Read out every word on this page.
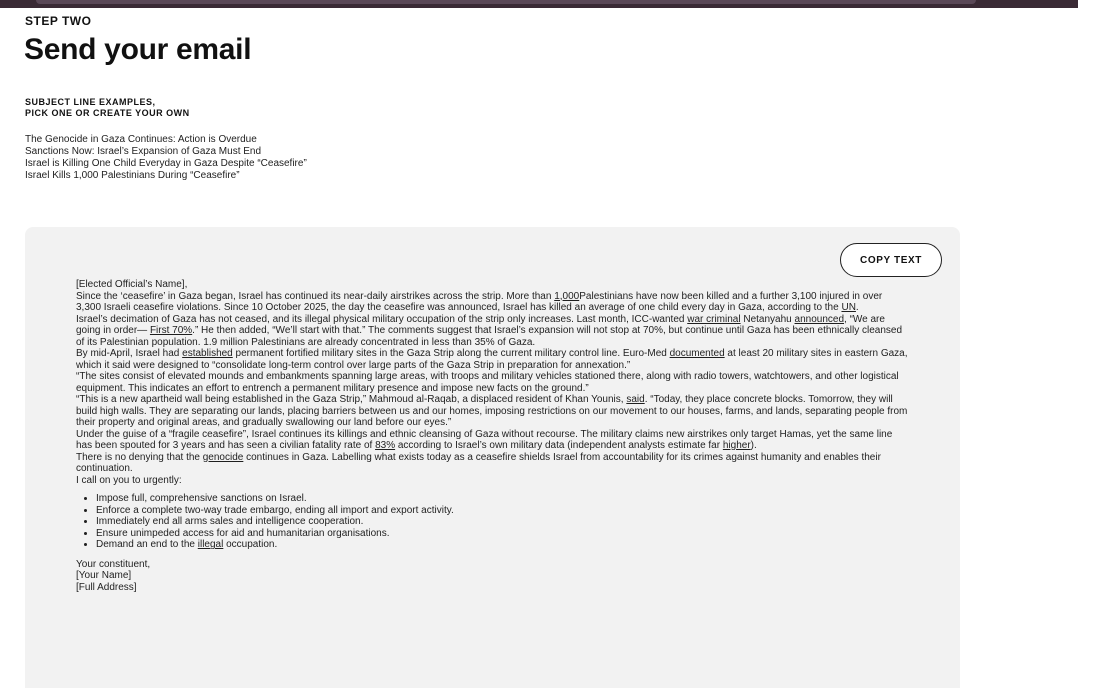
STEP TWO
Send your email
SUBJECT LINE EXAMPLES,
PICK ONE OR CREATE YOUR OWN
The Genocide in Gaza Continues: Action is Overdue
Sanctions Now: Israel’s Expansion of Gaza Must End
Israel is Killing One Child Everyday in Gaza Despite “Ceasefire”
Israel Kills 1,000 Palestinians During “Ceasefire”
COPY TEXT

[Elected Official’s Name],

Since the ‘ceasefire’ in Gaza began, Israel has continued its near-daily airstrikes across the strip. More than 1,000Palestinians have now been killed and a further 3,100 injured in over 3,300 Israeli ceasefire violations. Since 10 October 2025, the day the ceasefire was announced, Israel has killed an average of one child every day in Gaza, according to the UN.

Israel’s decimation of Gaza has not ceased, and its illegal physical military occupation of the strip only increases. Last month, ICC-wanted war criminal Netanyahu announced, “We are going in order— First 70%.” He then added, “We’ll start with that.” The comments suggest that Israel’s expansion will not stop at 70%, but continue until Gaza has been ethnically cleansed of its Palestinian population. 1.9 million Palestinians are already concentrated in less than 35% of Gaza.

By mid-April, Israel had established permanent fortified military sites in the Gaza Strip along the current military control line. Euro-Med documented at least 20 military sites in eastern Gaza, which it said were designed to “consolidate long-term control over large parts of the Gaza Strip in preparation for annexation.”

“The sites consist of elevated mounds and embankments spanning large areas, with troops and military vehicles stationed there, along with radio towers, watchtowers, and other logistical equipment. This indicates an effort to entrench a permanent military presence and impose new facts on the ground.”

“This is a new apartheid wall being established in the Gaza Strip,” Mahmoud al-Raqab, a displaced resident of Khan Younis, said. “Today, they place concrete blocks. Tomorrow, they will build high walls. They are separating our lands, placing barriers between us and our homes, imposing restrictions on our movement to our houses, farms, and lands, separating people from their property and original areas, and gradually swallowing our land before our eyes.”

Under the guise of a “fragile ceasefire”, Israel continues its killings and ethnic cleansing of Gaza without recourse. The military claims new airstrikes only target Hamas, yet the same line has been spouted for 3 years and has seen a civilian fatality rate of 83% according to Israel’s own military data (independent analysts estimate far higher).

There is no denying that the genocide continues in Gaza. Labelling what exists today as a ceasefire shields Israel from accountability for its crimes against humanity and enables their continuation.

I call on you to urgently:

• Impose full, comprehensive sanctions on Israel.
• Enforce a complete two-way trade embargo, ending all import and export activity.
• Immediately end all arms sales and intelligence cooperation.
• Ensure unimpeded access for aid and humanitarian organisations.
• Demand an end to the illegal occupation.

Your constituent,

[Your Name]

[Full Address]
